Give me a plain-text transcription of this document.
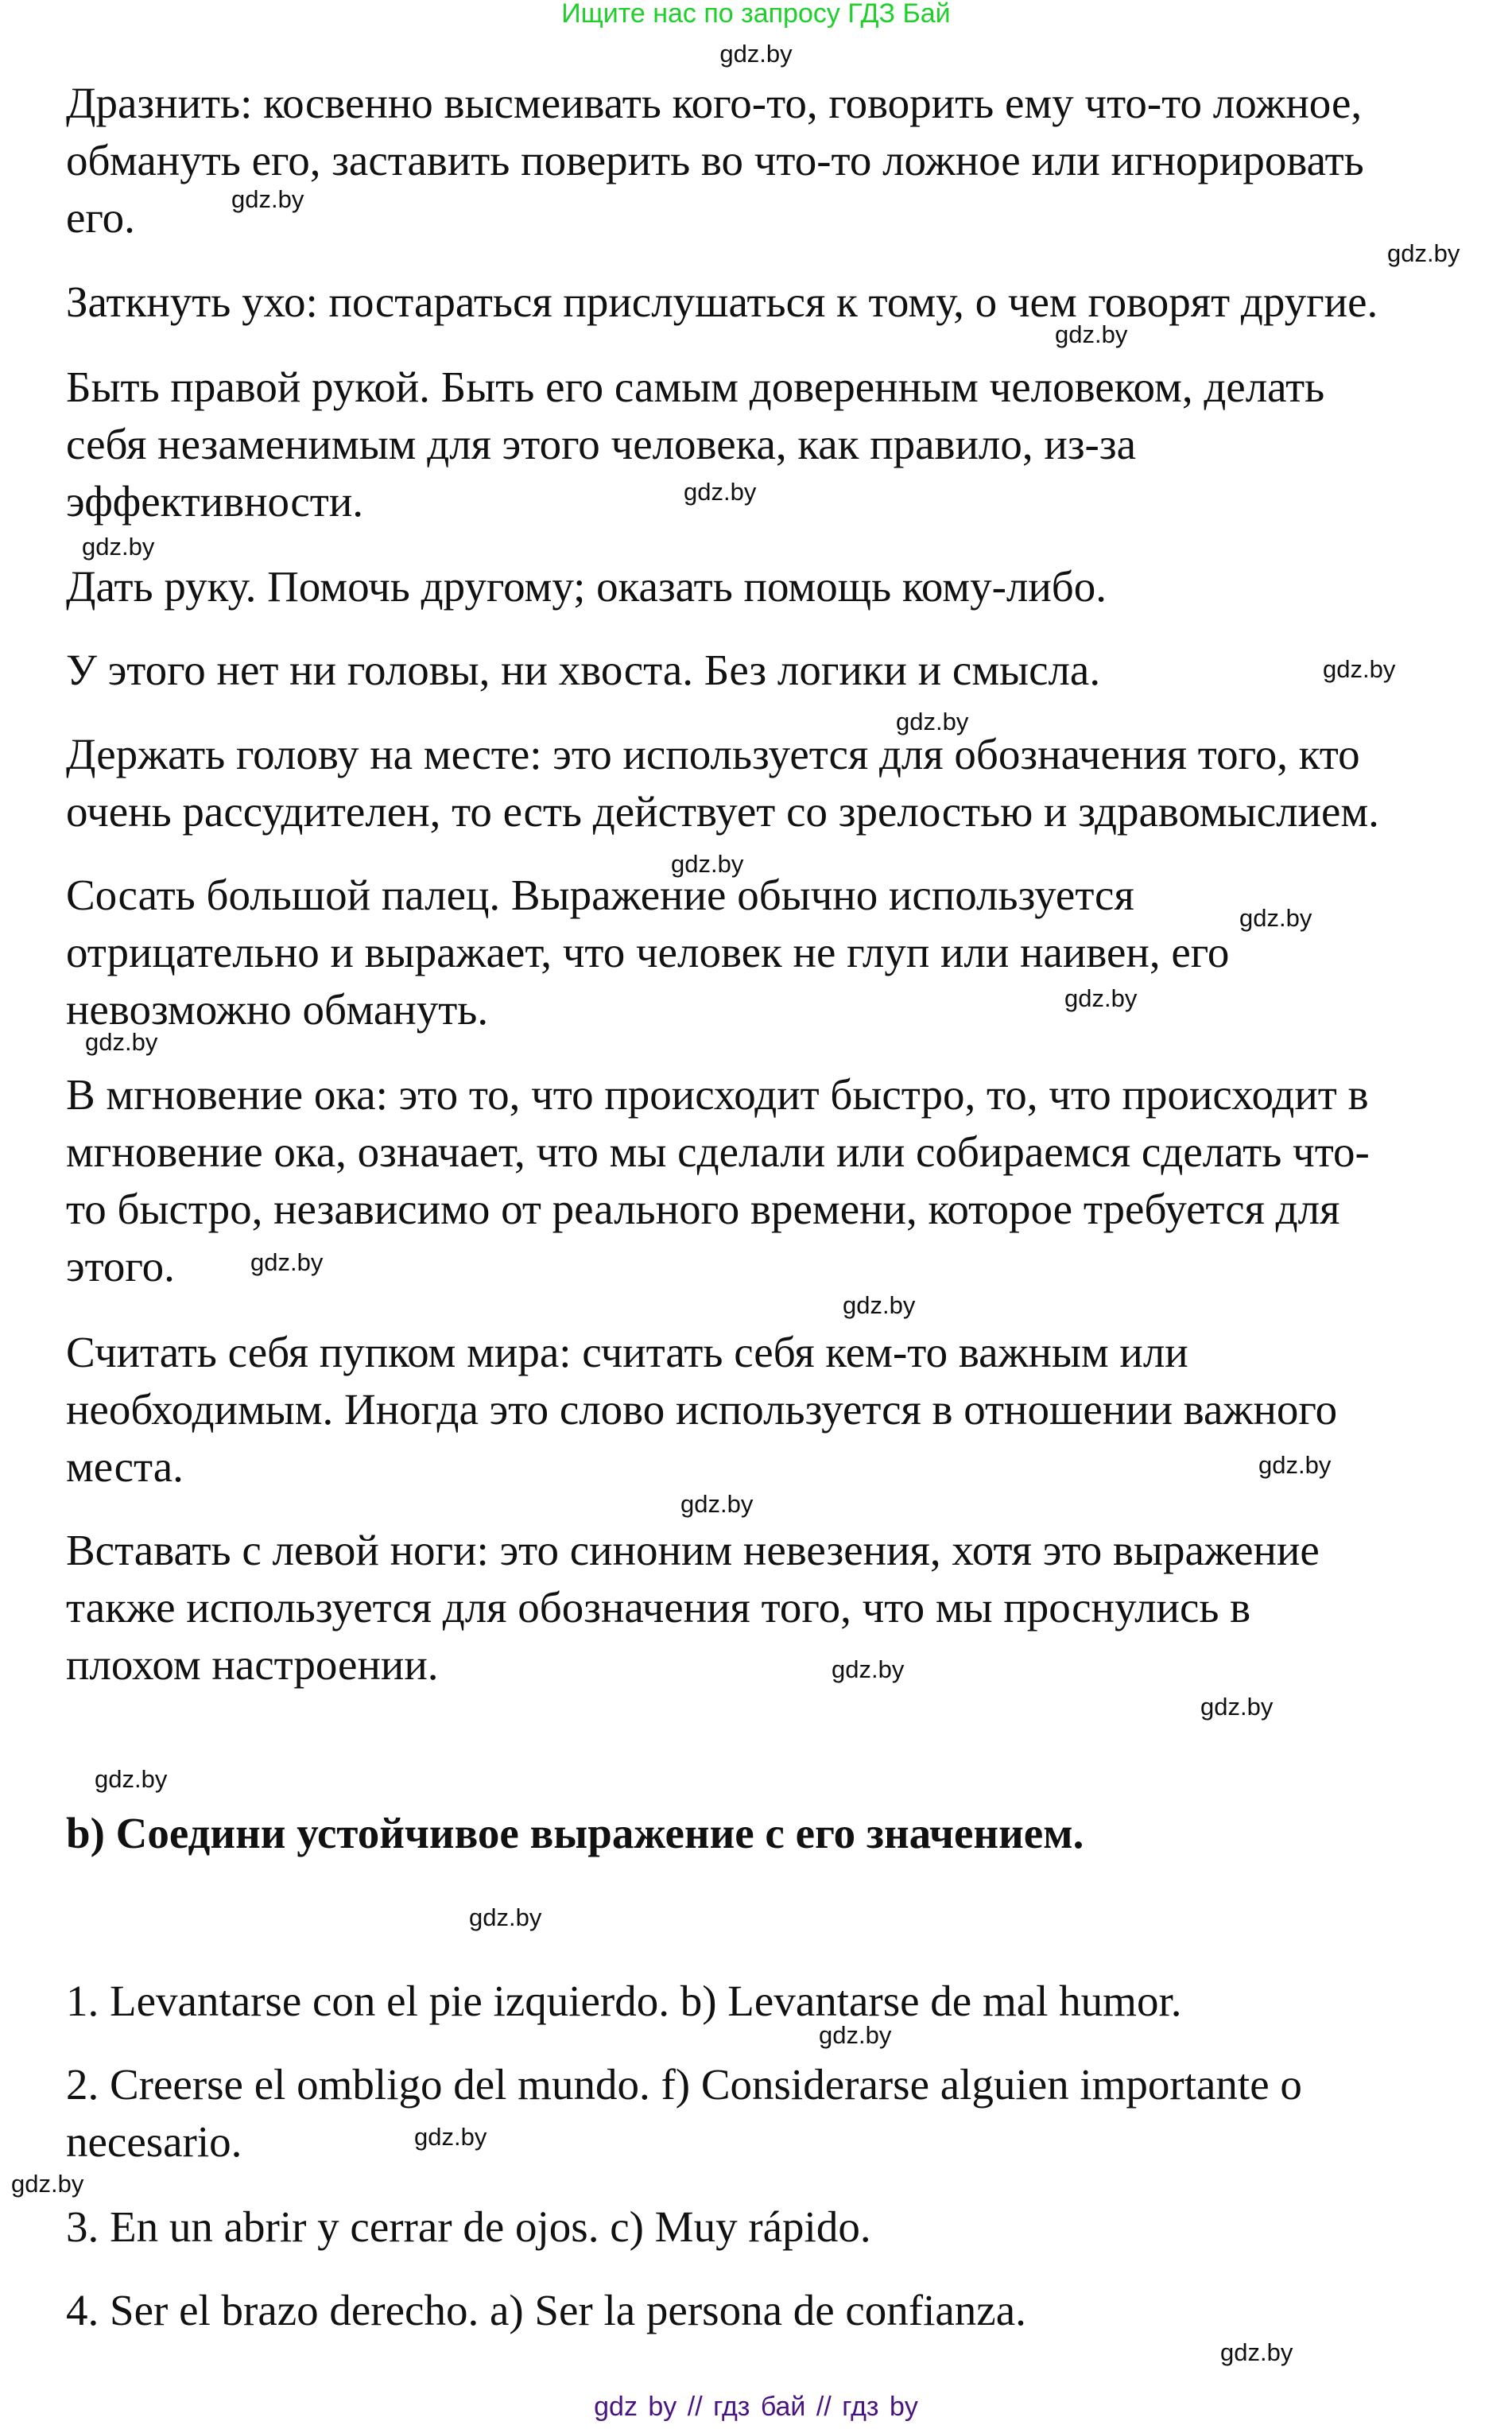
Ищите нас по запросу ГДЗ Бай
Дразнить: косвенно высмеивать кого-то, говорить ему что-то ложное,
обмануть его, заставить поверить во что-то ложное или игнорировать
его.
Заткнуть ухо: постараться прислушаться к тому, о чем говорят другие.
Быть правой рукой. Быть его самым доверенным человеком, делать
себя незаменимым для этого человека, как правило, из-за
эффективности.
Дать руку. Помочь другому; оказать помощь кому-либо.
У этого нет ни головы, ни хвоста. Без логики и смысла.
Держать голову на месте: это используется для обозначения того, кто
очень рассудителен, то есть действует со зрелостью и здравомыслием.
Сосать большой палец. Выражение обычно используется
отрицательно и выражает, что человек не глуп или наивен, его
невозможно обмануть.
В мгновение ока: это то, что происходит быстро, то, что происходит в
мгновение ока, означает, что мы сделали или собираемся сделать что-
то быстро, независимо от реального времени, которое требуется для
этого.
Считать себя пупком мира: считать себя кем-то важным или
необходимым. Иногда это слово используется в отношении важного
места.
Вставать с левой ноги: это синоним невезения, хотя это выражение
также используется для обозначения того, что мы проснулись в
плохом настроении.
b) Соедини устойчивое выражение с его значением.
1. Levantarse con el pie izquierdo. b) Levantarse de mal humor.
2. Creerse el ombligo del mundo. f) Considerarse alguien importante o
necesario.
3. En un abrir y cerrar de ojos. c) Muy rápido.
4. Ser el brazo derecho. a) Ser la persona de confianza.
gdz.by
gdz.by
gdz.by
gdz.by
gdz.by
gdz.by
gdz.by
gdz.by
gdz.by
gdz.by
gdz.by
gdz.by
gdz.by
gdz.by
gdz.by
gdz.by
gdz.by
gdz.by
gdz.by
gdz.by
gdz.by
gdz.by
gdz.by
gdz.by
gdz by // гдз бай // гдз by
